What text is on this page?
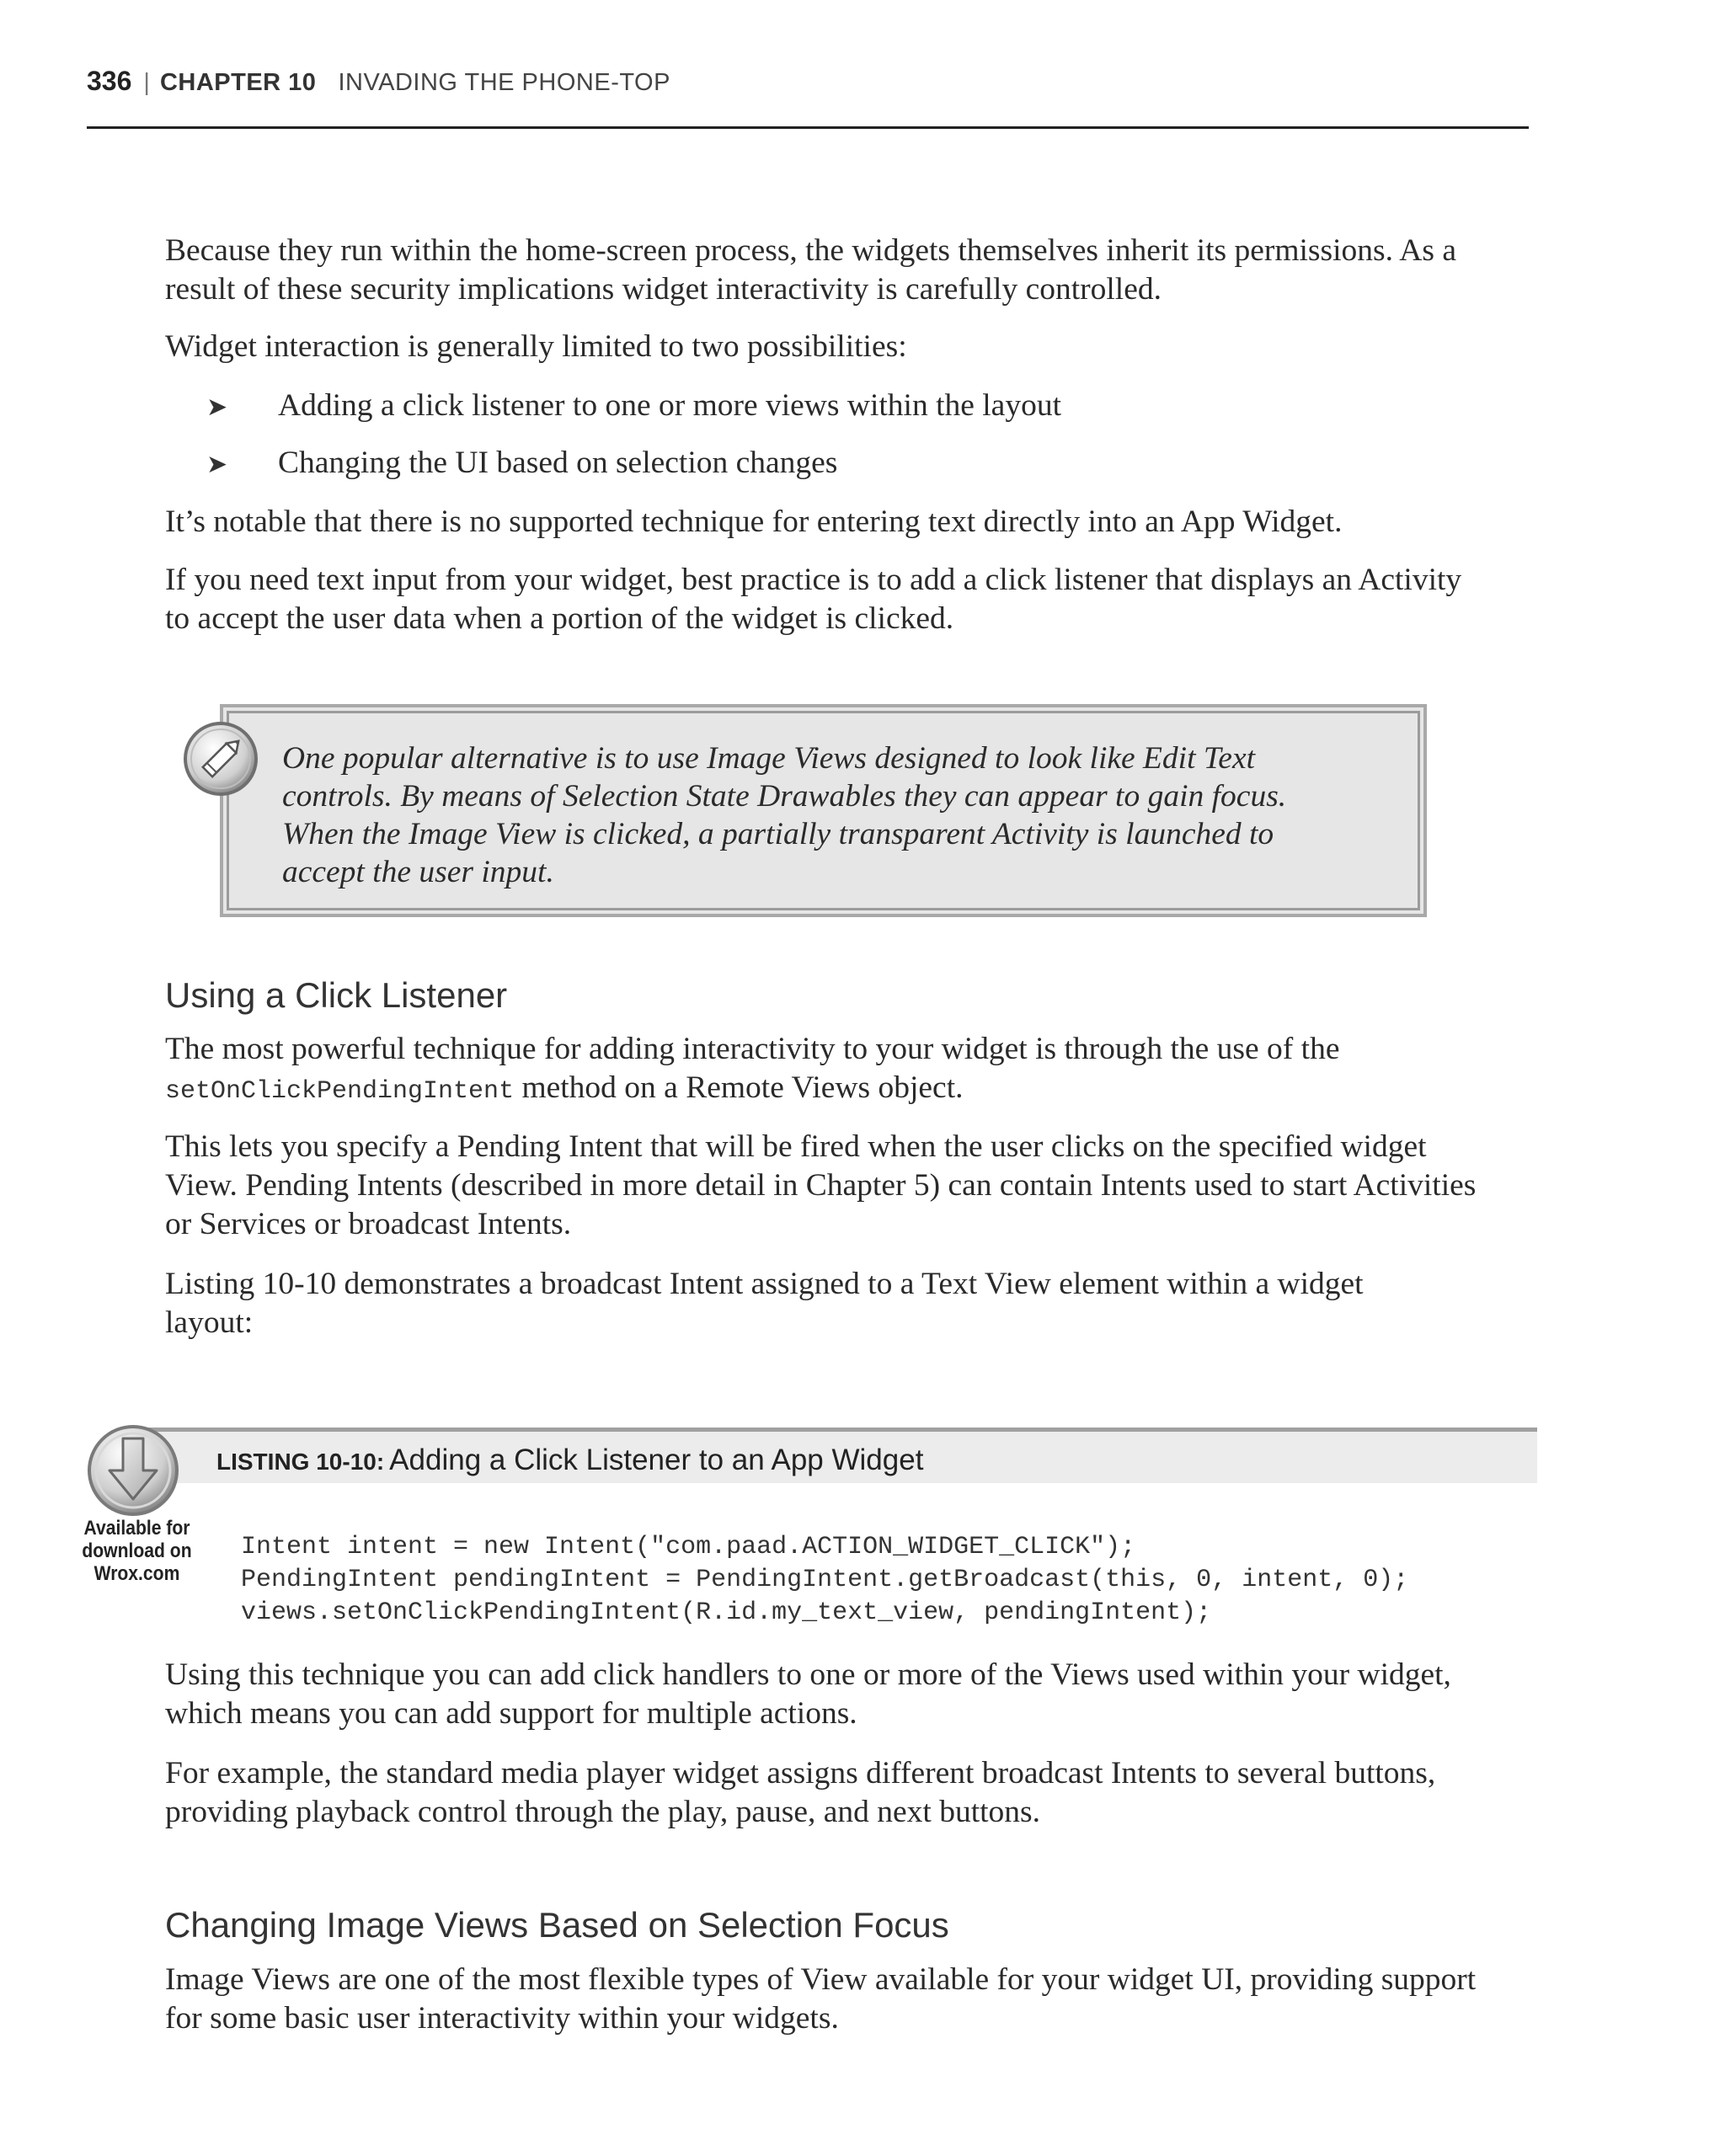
336 | CHAPTER 10 INVADING THE PHONE-TOP
Because they run within the home-screen process, the widgets themselves inherit its permissions. As a
result of these security implications widget interactivity is carefully controlled.
Widget interaction is generally limited to two possibilities:
➤ Adding a click listener to one or more views within the layout
➤ Changing the UI based on selection changes
It’s notable that there is no supported technique for entering text directly into an App Widget.
If you need text input from your widget, best practice is to add a click listener that displays an Activity
to accept the user data when a portion of the widget is clicked.
One popular alternative is to use Image Views designed to look like Edit Text
controls. By means of Selection State Drawables they can appear to gain focus.
When the Image View is clicked, a partially transparent Activity is launched to
accept the user input.
Using a Click Listener
The most powerful technique for adding interactivity to your widget is through the use of the
setOnClickPendingIntent method on a Remote Views object.
This lets you specify a Pending Intent that will be fired when the user clicks on the specified widget
View. Pending Intents (described in more detail in Chapter 5) can contain Intents used to start Activities
or Services or broadcast Intents.
Listing 10-10 demonstrates a broadcast Intent assigned to a Text View element within a widget
layout:
LISTING 10-10: Adding a Click Listener to an App Widget
Available for
download on
Wrox.com
Intent intent = new Intent("com.paad.ACTION_WIDGET_CLICK");
PendingIntent pendingIntent = PendingIntent.getBroadcast(this, 0, intent, 0);
views.setOnClickPendingIntent(R.id.my_text_view, pendingIntent);
Using this technique you can add click handlers to one or more of the Views used within your widget,
which means you can add support for multiple actions.
For example, the standard media player widget assigns different broadcast Intents to several buttons,
providing playback control through the play, pause, and next buttons.
Changing Image Views Based on Selection Focus
Image Views are one of the most flexible types of View available for your widget UI, providing support
for some basic user interactivity within your widgets.
